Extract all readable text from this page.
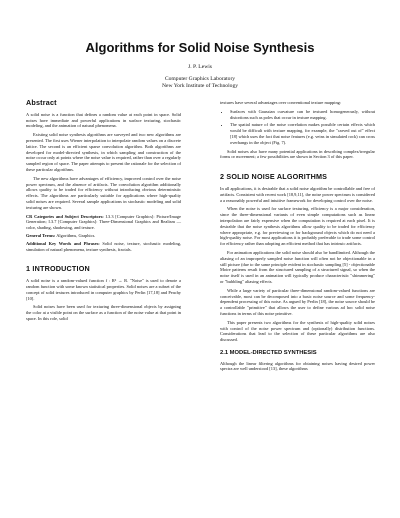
Algorithms for Solid Noise Synthesis
J. P. Lewis
Computer Graphics Laboratory
New York Institute of Technology
Abstract

A solid noise is a function that defines a random value at each point in space. Solid noises have immediate and powerful applications in surface texturing, stochastic modeling, and the animation of natural phenomena.

Existing solid noise synthesis algorithms are surveyed and two new algorithms are presented. The first uses Wiener interpolation to interpolate random values on a discrete lattice. The second is an efficient sparse convolution algorithm. Both algorithms are developed for model-directed synthesis, in which sampling and construction of the noise occur only at points where the noise value is required, rather than over a regularly sampled region of space. The paper attempts to present the rationale for the selection of these particular algorithms.

The new algorithms have advantages of efficiency, improved control over the noise power spectrum, and the absence of artifacts. The convolution algorithm additionally allows quality to be traded for efficiency without introducing obvious deterministic effects. The algorithms are particularly suitable for applications where high-quality solid noises are required. Several sample applications in stochastic modeling and solid texturing are shown.

CR Categories and Subject Descriptors: I.3.3 [Computer Graphics]: Picture/Image Generation; I.3.7 [Computer Graphics]: Three-Dimensional Graphics and Realism — color, shading, shadowing, and texture.

General Terms: Algorithms, Graphics.

Additional Key Words and Phrases: Solid noise, texture, stochastic modeling, simulation of natural phenomena, texture synthesis, fractals.

1 INTRODUCTION

A solid noise is a random-valued function f : R³ → R. "Noise" is used to denote a random function with some known statistical properties. Solid noises are a subset of the concept of solid textures introduced in computer graphics by Perlin [17,18] and Peachy [10].

Solid noises have been used for texturing three-dimensional objects by assigning the color at a visible point on the surface as a function of the noise value at that point in space. In this role, solid

textures have several advantages over conventional texture mapping:

• Surfaces with Gaussian curvature can be textured homogeneously, without distortions such as poles that occur in texture mapping.
• The spatial nature of the noise correlation makes possible certain effects which would be difficult with texture mapping, for example, the "carved out of" effect [18] which uses the fact that noise features (e.g. veins in simulated rock) can cross overhangs in the object (Fig. 7).

Solid noises also have many potential applications in describing complex/irregular forms or movement; a few possibilities are shown in Section 3 of this paper.

2 SOLID NOISE ALGORITHMS

In all applications, it is desirable that a solid noise algorithm be controllable and free of artifacts. Consistent with recent work [18,9,11], the noise power spectrum is considered a a reasonably powerful and intuitive framework for developing control over the noise.

When the noise is used for surface texturing, efficiency is a major consideration, since the three-dimensional variants of even simple computations such as linear interpolation are fairly expensive when the computation is required at each pixel. It is desirable that the noise synthesis algorithms allow quality to be traded for efficiency where appropriate, e.g. for previewing or for background objects which do not need a high-quality noise. For most applications it is probably preferable to trade some control for efficiency rather than adopting an efficient method that has intrinsic artifacts.

For animation applications the solid noise should also be bandlimited. Although the aliasing of an improperly sampled noise function will often not be objectionable in a still picture (due to the same principle evident in stochastic sampling [5] - objectionable Moire patterns result from the structured sampling of a structured signal, so when the noise itself is used in an animation will typically produce characteristic "shimmering" or "bubbling" aliasing effects.

While a large variety of particular three-dimensional random-valued functions are conceivable, most can be decomposed into a basic noise source and some frequency-dependent processing of this noise. As argued by Perlin [18], the noise source should be a controllable "primitive" that allows the user to define various ad hoc solid noise functions in terms of this noise primitive.

This paper presents two algorithms for the synthesis of high-quality solid noises with control of the noise power spectrum and (optionally) distribution functions. Considerations that lead to the selection of these particular algorithms are also discussed.

2.1 MODEL-DIRECTED SYNTHESIS

Although the linear filtering algorithms for obtaining noises having desired power spectra are well understood [13], these algorithms
